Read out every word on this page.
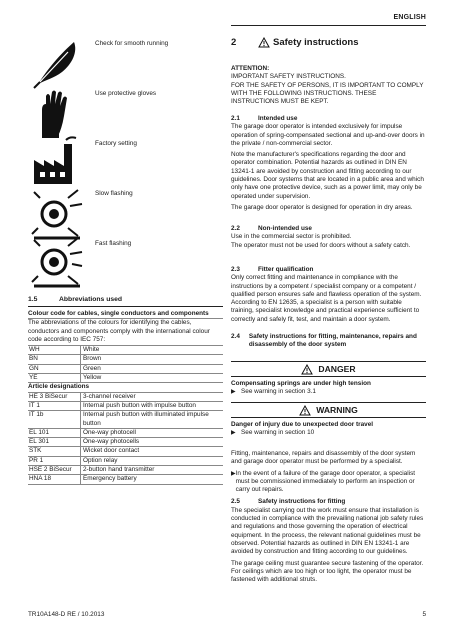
ENGLISH
Check for smooth running
Use protective gloves
Factory setting
Slow flashing
Fast flashing
1.5	Abbreviations used
Colour code for cables, single conductors and components
The abbreviations of the colours for identifying the cables, conductors and components comply with the international colour code according to IEC 757:
WH	White
BN	Brown
GN	Green
YE	Yellow
Article designations
HE 3 BiSecur	3-channel receiver
IT 1	Internal push button with impulse button
IT 1b	Internal push button with illuminated impulse button
EL 101	One-way photocell
EL 301	One-way photocells
STK	Wicket door contact
PR 1	Option relay
HSE 2 BiSecur	2-button hand transmitter
HNA 18	Emergency battery
2	Safety instructions
ATTENTION:
IMPORTANT SAFETY INSTRUCTIONS.
FOR THE SAFETY OF PERSONS, IT IS IMPORTANT TO COMPLY WITH THE FOLLOWING INSTRUCTIONS. THESE INSTRUCTIONS MUST BE KEPT.
2.1	Intended use
The garage door operator is intended exclusively for impulse operation of spring-compensated sectional and up-and-over doors in the private / non-commercial sector.
Note the manufacturer's specifications regarding the door and operator combination. Potential hazards as outlined in DIN EN 13241-1 are avoided by construction and fitting according to our guidelines. Door systems that are located in a public area and which only have one protective device, such as a power limit, may only be operated under supervision.
The garage door operator is designed for operation in dry areas.
2.2	Non-intended use
Use in the commercial sector is prohibited.
The operator must not be used for doors without a safety catch.
2.3	Fitter qualification
Only correct fitting and maintenance in compliance with the instructions by a competent / specialist company or a competent / qualified person ensures safe and flawless operation of the system. According to EN 12635, a specialist is a person with suitable training, specialist knowledge and practical experience sufficient to correctly and safely fit, test, and maintain a door system.
2.4	Safety instructions for fitting, maintenance, repairs and disassembly of the door system
DANGER
Compensating springs are under high tension
▶ See warning in section 3.1
WARNING
Danger of injury due to unexpected door travel
▶ See warning in section 10
Fitting, maintenance, repairs and disassembly of the door system and garage door operator must be performed by a specialist.
▶ In the event of a failure of the garage door operator, a specialist must be commissioned immediately to perform an inspection or carry out repairs.
2.5	Safety instructions for fitting
The specialist carrying out the work must ensure that installation is conducted in compliance with the prevailing national job safety rules and regulations and those governing the operation of electrical equipment. In the process, the relevant national guidelines must be observed. Potential hazards as outlined in DIN EN 13241-1 are avoided by construction and fitting according to our guidelines.
The garage ceiling must guarantee secure fastening of the operator. For ceilings which are too high or too light, the operator must be fastened with additional struts.
TR10A148-D RE / 10.2013	5
